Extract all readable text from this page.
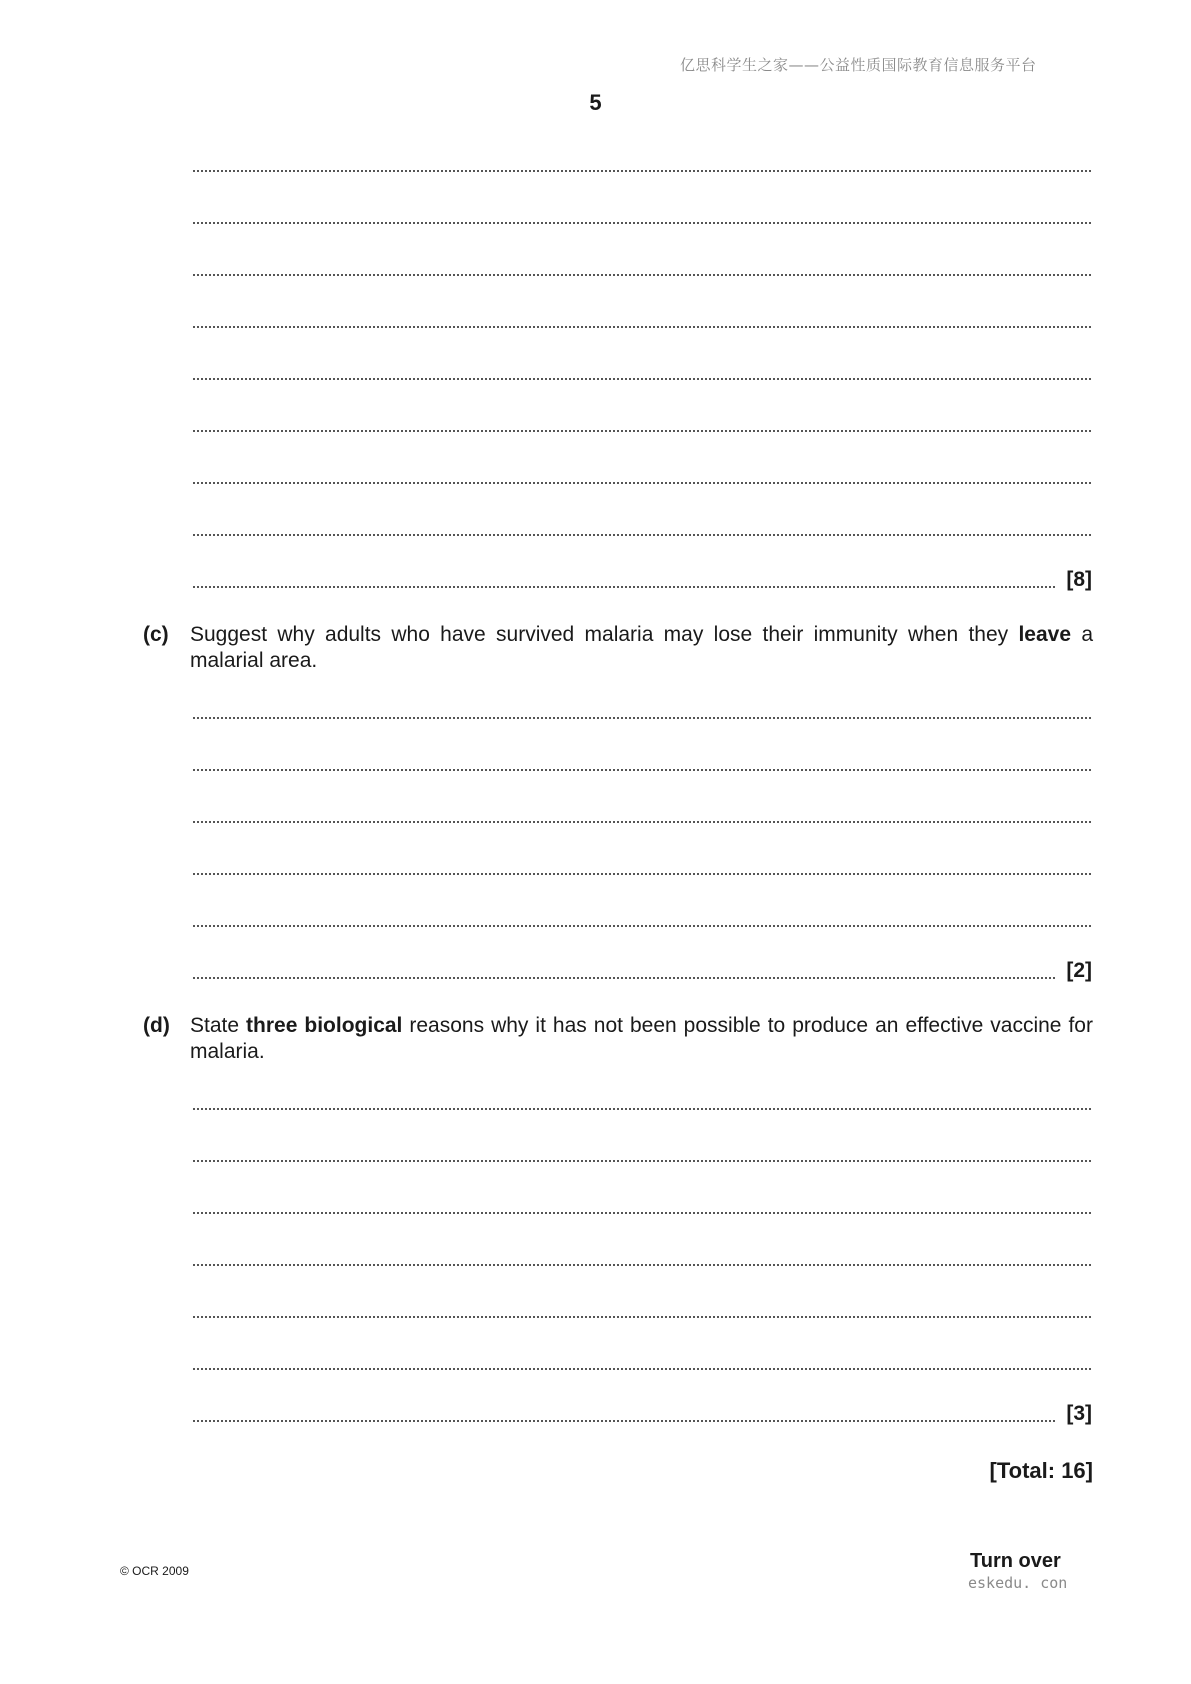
亿思科学生之家——公益性质国际教育信息服务平台
5
[8]
(c) Suggest why adults who have survived malaria may lose their immunity when they leave a malarial area.
[2]
(d) State three biological reasons why it has not been possible to produce an effective vaccine for malaria.
[3]
[Total: 16]
© OCR 2009	Turn over
eskedu. con
